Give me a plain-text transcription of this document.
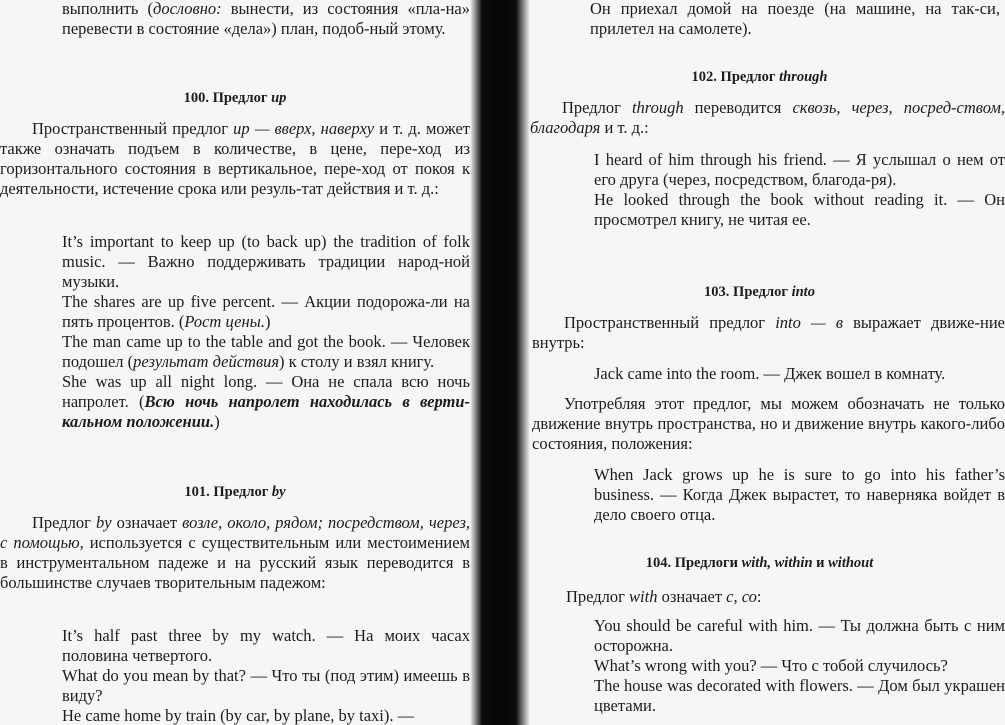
выполнить (дословно: вынести, из состояния «пла-на» перевести в состояние «дела») план, подоб-ный этому.

100. Предлог up

Пространственный предлог up — вверх, наверху и т. д. может также означать подъем в количестве, в цене, пере-ход из горизонтального состояния в вертикальное, пере-ход от покоя к деятельности, истечение срока или резуль-тат действия и т. д.:

It’s important to keep up (to back up) the tradition of folk music. — Важно поддерживать традиции народ-ной музыки.

The shares are up five percent. — Акции подорожа-ли на пять процентов. (Рост цены.)

The man came up to the table and got the book. — Человек подошел (результат действия) к столу и взял книгу.

She was up all night long. — Она не спала всю ночь напролет. (Всю ночь напролет находилась в верти-кальном положении.)

101. Предлог by

Предлог by означает возле, около, рядом; посредством, через, с помощью, используется с существительным или местоимением в инструментальном падеже и на русский язык переводится в большинстве случаев творительным падежом:

It’s half past three by my watch. — На моих часах половина четвертого.

What do you mean by that? — Что ты (под этим) имеешь в виду?

He came home by train (by car, by plane, by taxi). —

Он приехал домой на поезде (на машине, на так-си, прилетел на самолете).

102. Предлог through

Предлог through переводится сквозь, через, посред-ством, благодаря и т. д.:

I heard of him through his friend. — Я услышал о нем от его друга (через, посредством, благода-ря).

He looked through the book without reading it. — Он просмотрел книгу, не читая ее.

103. Предлог into

Пространственный предлог into — в выражает движе-ние внутрь:

Jack came into the room. — Джек вошел в комнату.

Употребляя этот предлог, мы можем обозначать не только движение внутрь пространства, но и движение внутрь какого-либо состояния, положения:

When Jack grows up he is sure to go into his father’s business. — Когда Джек вырастет, то наверняка войдет в дело своего отца.

104. Предлоги with, within и without

Предлог with означает с, со:

You should be careful with him. — Ты должна быть с ним осторожна.

What’s wrong with you? — Что с тобой случилось?

The house was decorated with flowers. — Дом был украшен цветами.
